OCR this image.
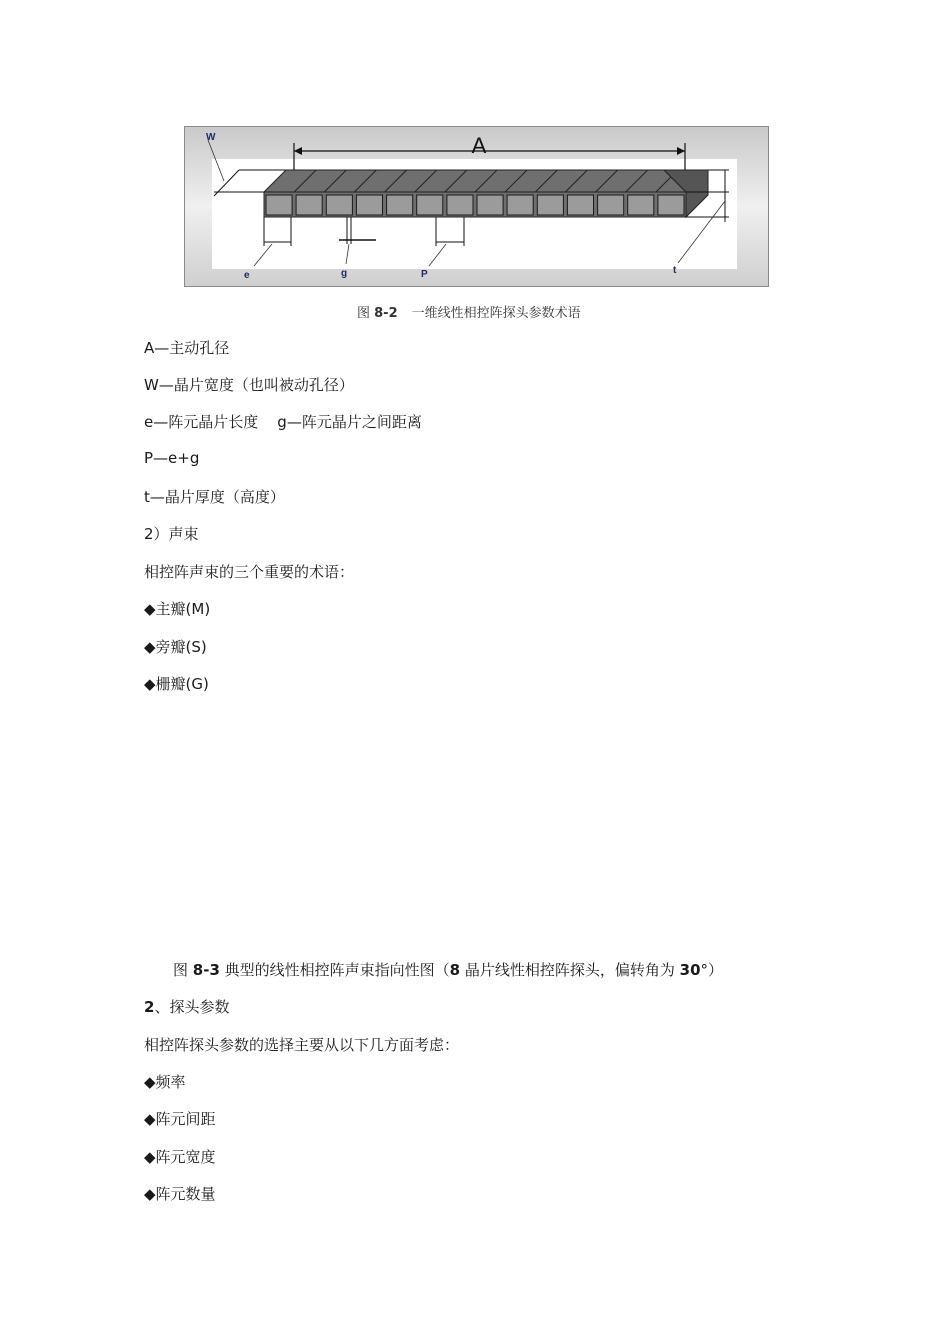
A
W
e	g	P	t
图 8-2 一维线性相控阵探头参数术语
A—主动孔径
W—晶片宽度（也叫被动孔径）
e—阵元晶片长度    g—阵元晶片之间距离
P—e+g
t—晶片厚度（高度）
2）声束
相控阵声束的三个重要的术语：
◆主瓣(M)
◆旁瓣(S)
◆栅瓣(G)
图 8-3 典型的线性相控阵声束指向性图（8 晶片线性相控阵探头，偏转角为 30°）
2、探头参数
相控阵探头参数的选择主要从以下几方面考虑：
◆频率
◆阵元间距
◆阵元宽度
◆阵元数量
